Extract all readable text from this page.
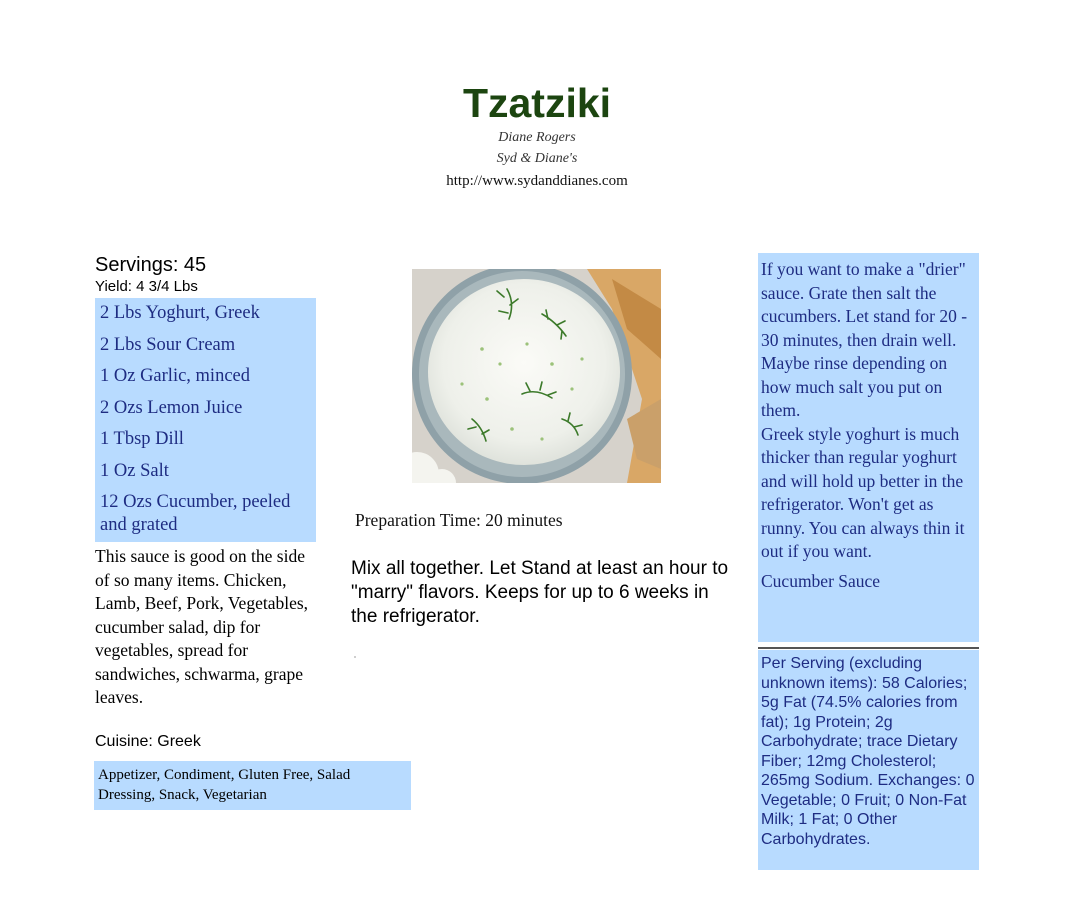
Tzatziki
Diane Rogers
Syd & Diane's
http://www.sydanddianes.com
Servings: 45
Yield: 4 3/4 Lbs
2 Lbs Yoghurt, Greek
2 Lbs Sour Cream
1 Oz Garlic, minced
2 Ozs Lemon Juice
1 Tbsp Dill
1 Oz Salt
12 Ozs Cucumber, peeled and grated
This sauce is good on the side of so many items. Chicken, Lamb, Beef, Pork, Vegetables, cucumber salad, dip for vegetables, spread for sandwiches, schwarma, grape leaves.
Cuisine: Greek
Appetizer, Condiment, Gluten Free, Salad Dressing, Snack, Vegetarian
Preparation Time: 20 minutes
Mix all together. Let Stand at least an hour to "marry" flavors. Keeps for up to 6 weeks in the refrigerator.
If you want to make a "drier" sauce. Grate then salt the cucumbers. Let stand for 20 - 30 minutes, then drain well. Maybe rinse depending on how much salt you put on them.
Greek style yoghurt is much thicker than regular yoghurt and will hold up better in the refrigerator. Won't get as runny. You can always thin it out if you want.
Cucumber Sauce
Per Serving (excluding unknown items): 58 Calories; 5g Fat (74.5% calories from fat); 1g Protein; 2g Carbohydrate; trace Dietary Fiber; 12mg Cholesterol; 265mg Sodium. Exchanges: 0 Vegetable; 0 Fruit; 0 Non-Fat Milk; 1 Fat; 0 Other Carbohydrates.
